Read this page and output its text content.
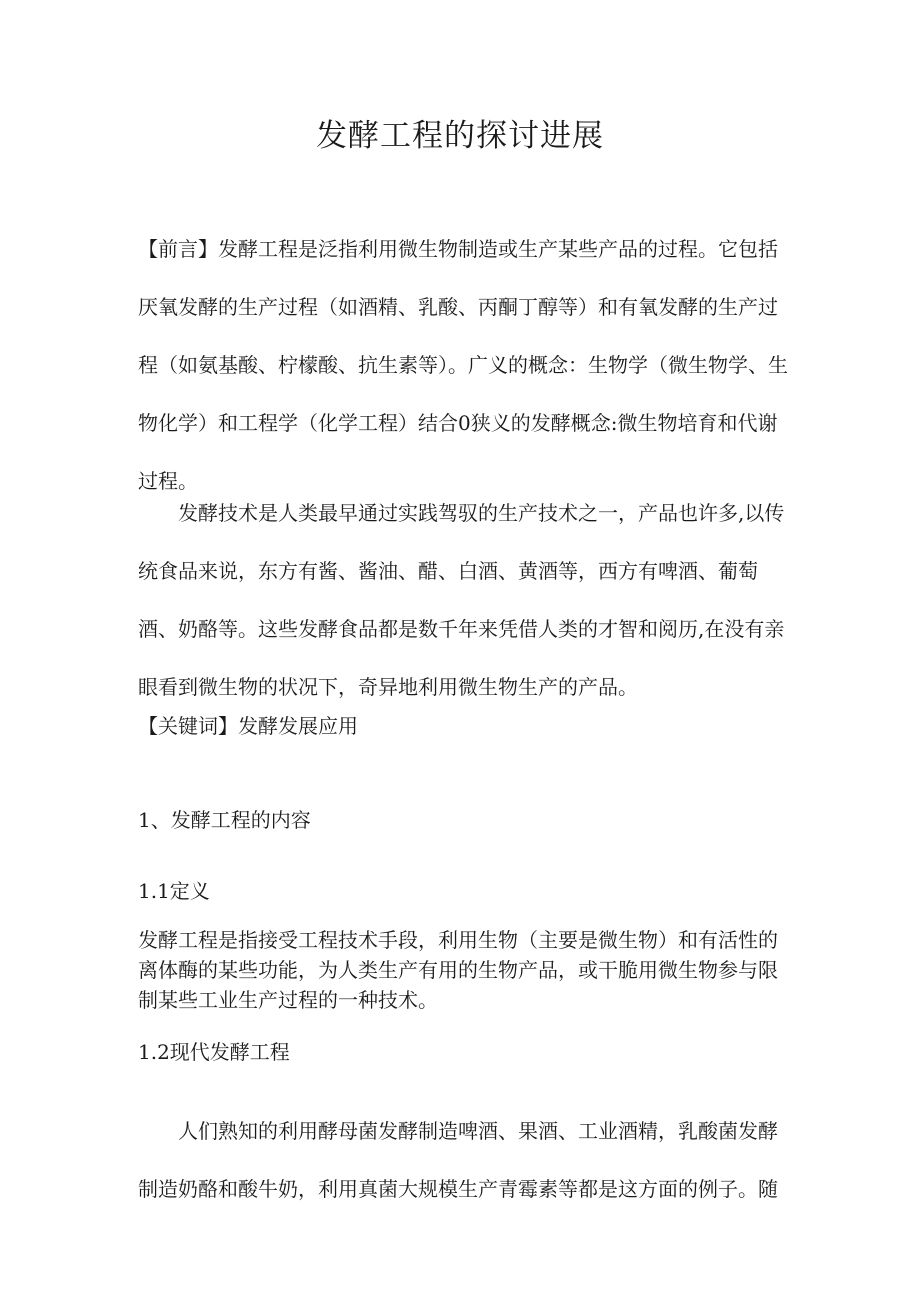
发酵工程的探讨进展

【前言】发酵工程是泛指利用微生物制造或生产某些产品的过程。它包括厌氧发酵的生产过程（如酒精、乳酸、丙酮丁醇等）和有氧发酵的生产过程（如氨基酸、柠檬酸、抗生素等）。广义的概念：生物学（微生物学、生物化学）和工程学（化学工程）结合0狭义的发酵概念:微生物培育和代谢过程。

发酵技术是人类最早通过实践驾驭的生产技术之一，产品也许多,以传统食品来说，东方有酱、酱油、醋、白酒、黄酒等，西方有啤酒、葡萄酒、奶酪等。这些发酵食品都是数千年来凭借人类的才智和阅历,在没有亲眼看到微生物的状况下，奇异地利用微生物生产的产品。

【关键词】发酵发展应用

1、发酵工程的内容

1.1定义

发酵工程是指接受工程技术手段，利用生物（主要是微生物）和有活性的离体酶的某些功能，为人类生产有用的生物产品，或干脆用微生物参与限制某些工业生产过程的一种技术。

1.2现代发酵工程

人们熟知的利用酵母菌发酵制造啤酒、果酒、工业酒精，乳酸菌发酵制造奶酪和酸牛奶，利用真菌大规模生产青霉素等都是这方面的例子。随
